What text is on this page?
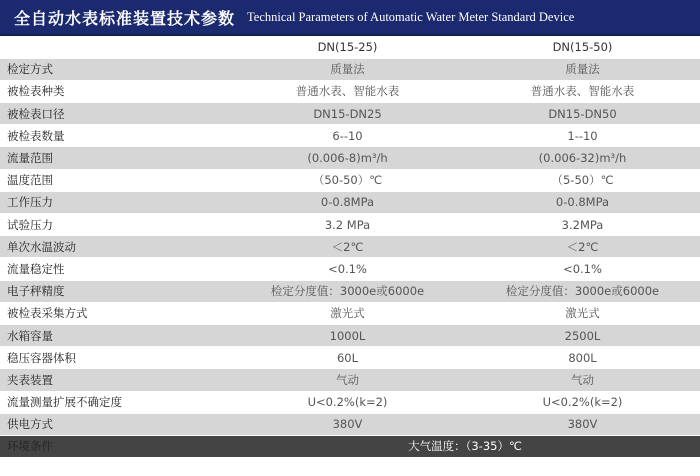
全自动水表标准装置技术参数 Technical Parameters of Automatic Water Meter Standard Device
	DN(15-25)	DN(15-50)
检定方式	质量法	质量法
被检表种类	普通水表、智能水表	普通水表、智能水表
被检表口径	DN15-DN25	DN15-DN50
被检表数量	6--10	1--10
流量范围	(0.006-8)m³/h	(0.006-32)m³/h
温度范围	（50-50）℃	（5-50）℃
工作压力	0-0.8MPa	0-0.8MPa
试验压力	3.2 MPa	3.2MPa
单次水温波动	＜2℃	＜2℃
流量稳定性	<0.1%	<0.1%
电子秤精度	检定分度值：3000e或6000e	检定分度值：3000e或6000e
被检表采集方式	激光式	激光式
水箱容量	1000L	2500L
稳压容器体积	60L	800L
夹表装置	气动	气动
流量测量扩展不确定度	U<0.2%(k=2)	U<0.2%(k=2)
供电方式	380V	380V
环境条件	大气温度：（3-35）℃	
